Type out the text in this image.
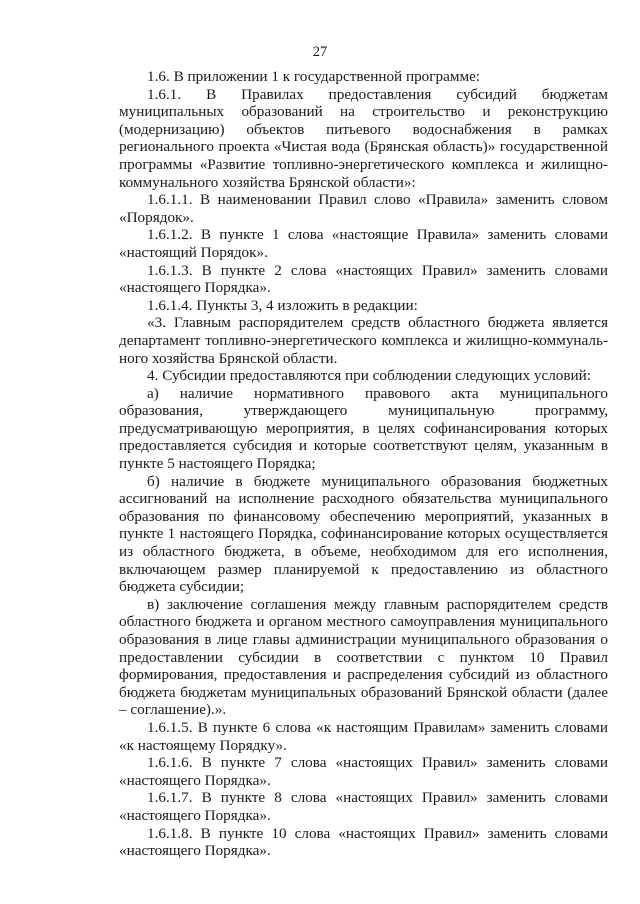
27

1.6. В приложении 1 к государственной программе:

1.6.1. В Правилах предоставления субсидий бюджетам муниципальных образований на строительство и реконструкцию (модернизацию) объектов питьевого водоснабжения в рамках регионального проекта «Чистая вода (Брянская область)» государственной программы «Развитие топливно-энергетического комплекса и жилищно-коммунального хозяйства Брянской области»:

1.6.1.1. В наименовании Правил слово «Правила» заменить словом «Порядок».

1.6.1.2. В пункте 1 слова «настоящие Правила» заменить словами «настоящий Порядок».

1.6.1.3. В пункте 2 слова «настоящих Правил» заменить словами «настоящего Порядка».

1.6.1.4. Пункты 3, 4 изложить в редакции:

«3. Главным распорядителем средств областного бюджета является департамент топливно-энергетического комплекса и жилищно-коммунального хозяйства Брянской области.

4. Субсидии предоставляются при соблюдении следующих условий:

а) наличие нормативного правового акта муниципального образования, утверждающего муниципальную программу, предусматривающую мероприятия, в целях софинансирования которых предоставляется субсидия и которые соответствуют целям, указанным в пункте 5 настоящего Порядка;

б) наличие в бюджете муниципального образования бюджетных ассигнований на исполнение расходного обязательства муниципального образования по финансовому обеспечению мероприятий, указанных в пункте 1 настоящего Порядка, софинансирование которых осуществляется из областного бюджета, в объеме, необходимом для его исполнения, включающем размер планируемой к предоставлению из областного бюджета субсидии;

в) заключение соглашения между главным распорядителем средств областного бюджета и органом местного самоуправления муниципального образования в лице главы администрации муниципального образования о предоставлении субсидии в соответствии с пунктом 10 Правил формирования, предоставления и распределения субсидий из областного бюджета бюджетам муниципальных образований Брянской области (далее – соглашение).».

1.6.1.5. В пункте 6 слова «к настоящим Правилам» заменить словами «к настоящему Порядку».

1.6.1.6. В пункте 7 слова «настоящих Правил» заменить словами «настоящего Порядка».

1.6.1.7. В пункте 8 слова «настоящих Правил» заменить словами «настоящего Порядка».

1.6.1.8. В пункте 10 слова «настоящих Правил» заменить словами «настоящего Порядка».
